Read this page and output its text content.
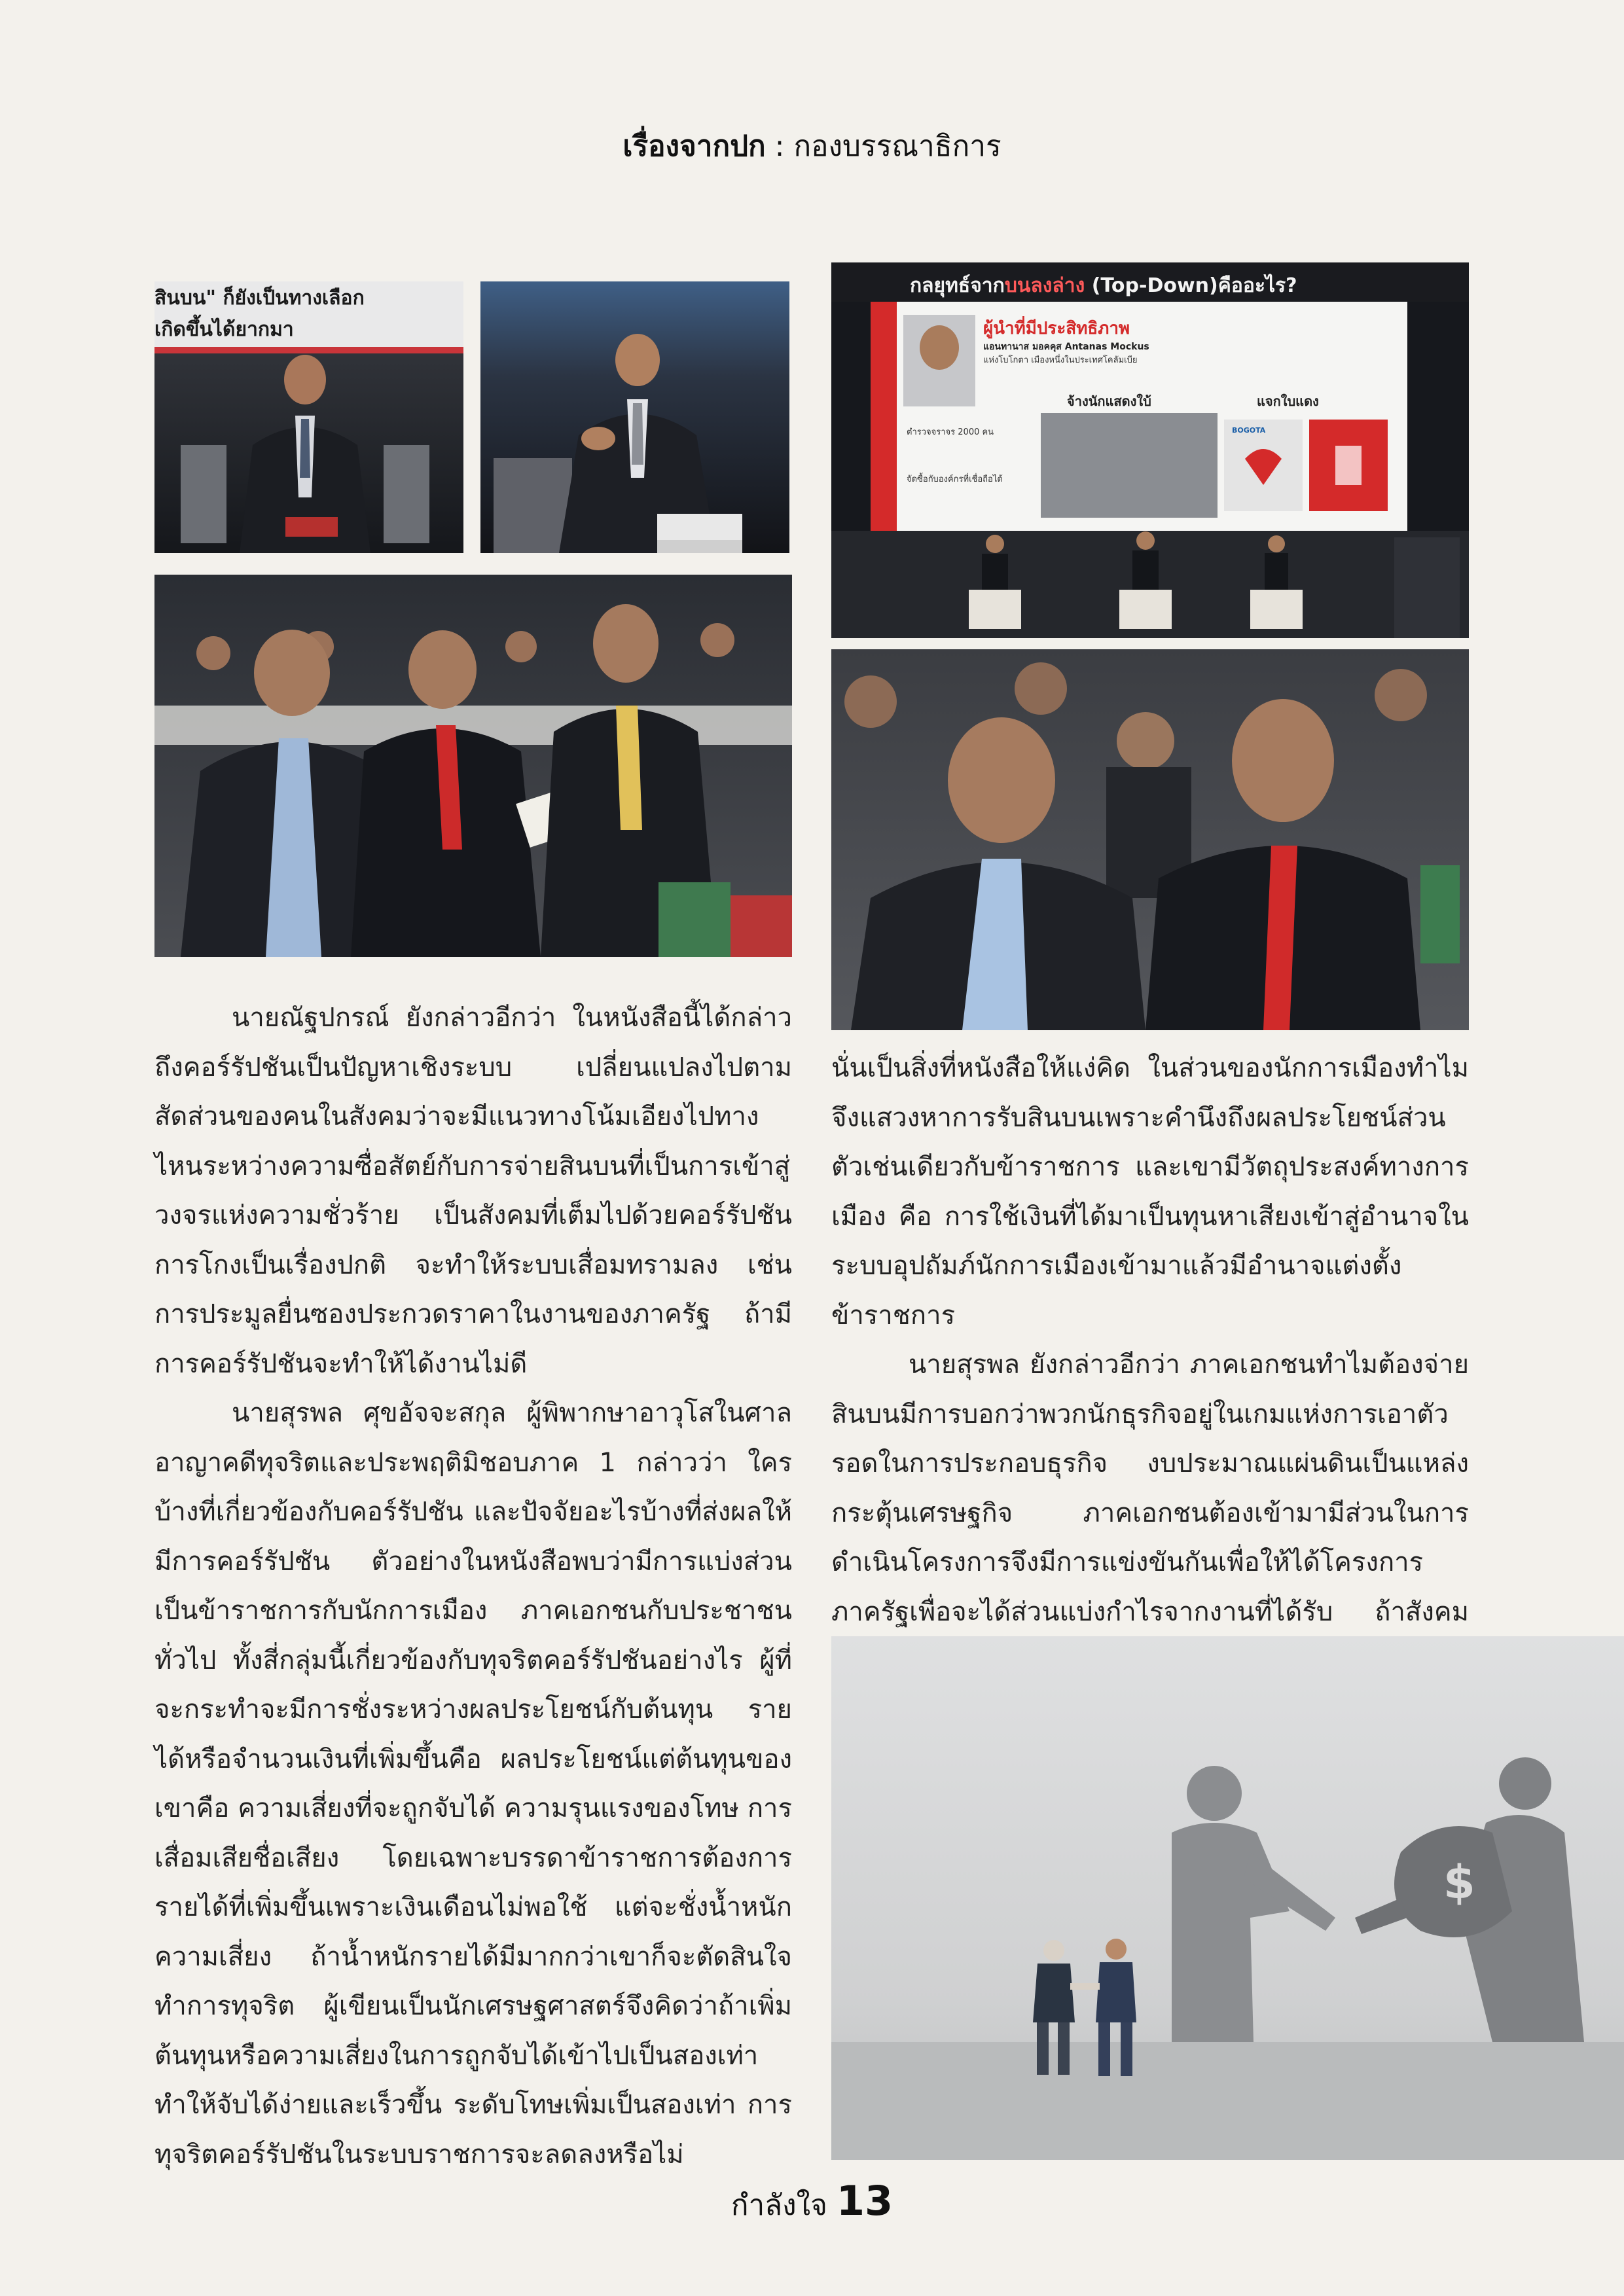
เรื่องจากปก : กองบรรณาธิการ
สินบน" ก็ยังเป็นทางเลือก
เกิดขึ้นได้ยากมา
กลยุทธ์จากบนลงล่าง (Top-Down)คืออะไร?
ผู้นำที่มีประสิทธิภาพ
แอนทานาส มอคคุส Antanas Mockus
แห่งโบโกตา เมืองหนึ่งในประเทศโคลัมเบีย
จ้างนักแสดงใบ้	แจกใบแดง
ตำรวจจราจร 2000 คน
จัดซื้อกับองค์กรที่เชื่อถือได้
BOGOTA

นายณัฐปกรณ์ ยังกล่าวอีกว่า ในหนังสือนี้ได้กล่าวถึงคอร์รัปชันเป็นปัญหาเชิงระบบ เปลี่ยนแปลงไปตามสัดส่วนของคนในสังคมว่าจะมีแนวทางโน้มเอียงไปทางไหนระหว่างความซื่อสัตย์กับการจ่ายสินบนที่เป็นการเข้าสู่วงจรแห่งความชั่วร้าย เป็นสังคมที่เต็มไปด้วยคอร์รัปชัน การโกงเป็นเรื่องปกติ จะทำให้ระบบเสื่อมทรามลง เช่น การประมูลยื่นซองประกวดราคาในงานของภาครัฐ ถ้ามีการคอร์รัปชันจะทำให้ได้งานไม่ดี

นายสุรพล ศุขอัจจะสกุล ผู้พิพากษาอาวุโสในศาลอาญาคดีทุจริตและประพฤติมิชอบภาค 1 กล่าวว่า ใครบ้างที่เกี่ยวข้องกับคอร์รัปชัน และปัจจัยอะไรบ้างที่ส่งผลให้มีการคอร์รัปชัน ตัวอย่างในหนังสือพบว่ามีการแบ่งส่วนเป็นข้าราชการกับนักการเมือง ภาคเอกชนกับประชาชนทั่วไป ทั้งสี่กลุ่มนี้เกี่ยวข้องกับทุจริตคอร์รัปชันอย่างไร ผู้ที่จะกระทำจะมีการชั่งระหว่างผลประโยชน์กับต้นทุน รายได้หรือจำนวนเงินที่เพิ่มขึ้นคือ ผลประโยชน์แต่ต้นทุนของเขาคือ ความเสี่ยงที่จะถูกจับได้ ความรุนแรงของโทษ การเสื่อมเสียชื่อเสียง โดยเฉพาะบรรดาข้าราชการต้องการรายได้ที่เพิ่มขึ้นเพราะเงินเดือนไม่พอใช้ แต่จะชั่งน้ำหนักความเสี่ยง ถ้าน้ำหนักรายได้มีมากกว่าเขาก็จะตัดสินใจทำการทุจริต ผู้เขียนเป็นนักเศรษฐศาสตร์จึงคิดว่าถ้าเพิ่มต้นทุนหรือความเสี่ยงในการถูกจับได้เข้าไปเป็นสองเท่าทำให้จับได้ง่ายและเร็วขึ้น ระดับโทษเพิ่มเป็นสองเท่า การทุจริตคอร์รัปชันในระบบราชการจะลดลงหรือไม่

นั่นเป็นสิ่งที่หนังสือให้แง่คิด ในส่วนของนักการเมืองทำไมจึงแสวงหาการรับสินบนเพราะคำนึงถึงผลประโยชน์ส่วนตัวเช่นเดียวกับข้าราชการ และเขามีวัตถุประสงค์ทางการเมือง คือ การใช้เงินที่ได้มาเป็นทุนหาเสียงเข้าสู่อำนาจในระบบอุปถัมภ์นักการเมืองเข้ามาแล้วมีอำนาจแต่งตั้งข้าราชการ

นายสุรพล ยังกล่าวอีกว่า ภาคเอกชนทำไมต้องจ่ายสินบนมีการบอกว่าพวกนักธุรกิจอยู่ในเกมแห่งการเอาตัวรอดในการประกอบธุรกิจ งบประมาณแผ่นดินเป็นแหล่งกระตุ้นเศรษฐกิจ ภาคเอกชนต้องเข้ามามีส่วนในการดำเนินโครงการจึงมีการแข่งขันกันเพื่อให้ได้โครงการภาครัฐเพื่อจะได้ส่วนแบ่งกำไรจากงานที่ได้รับ ถ้าสังคม

$
กำลังใจ 13
